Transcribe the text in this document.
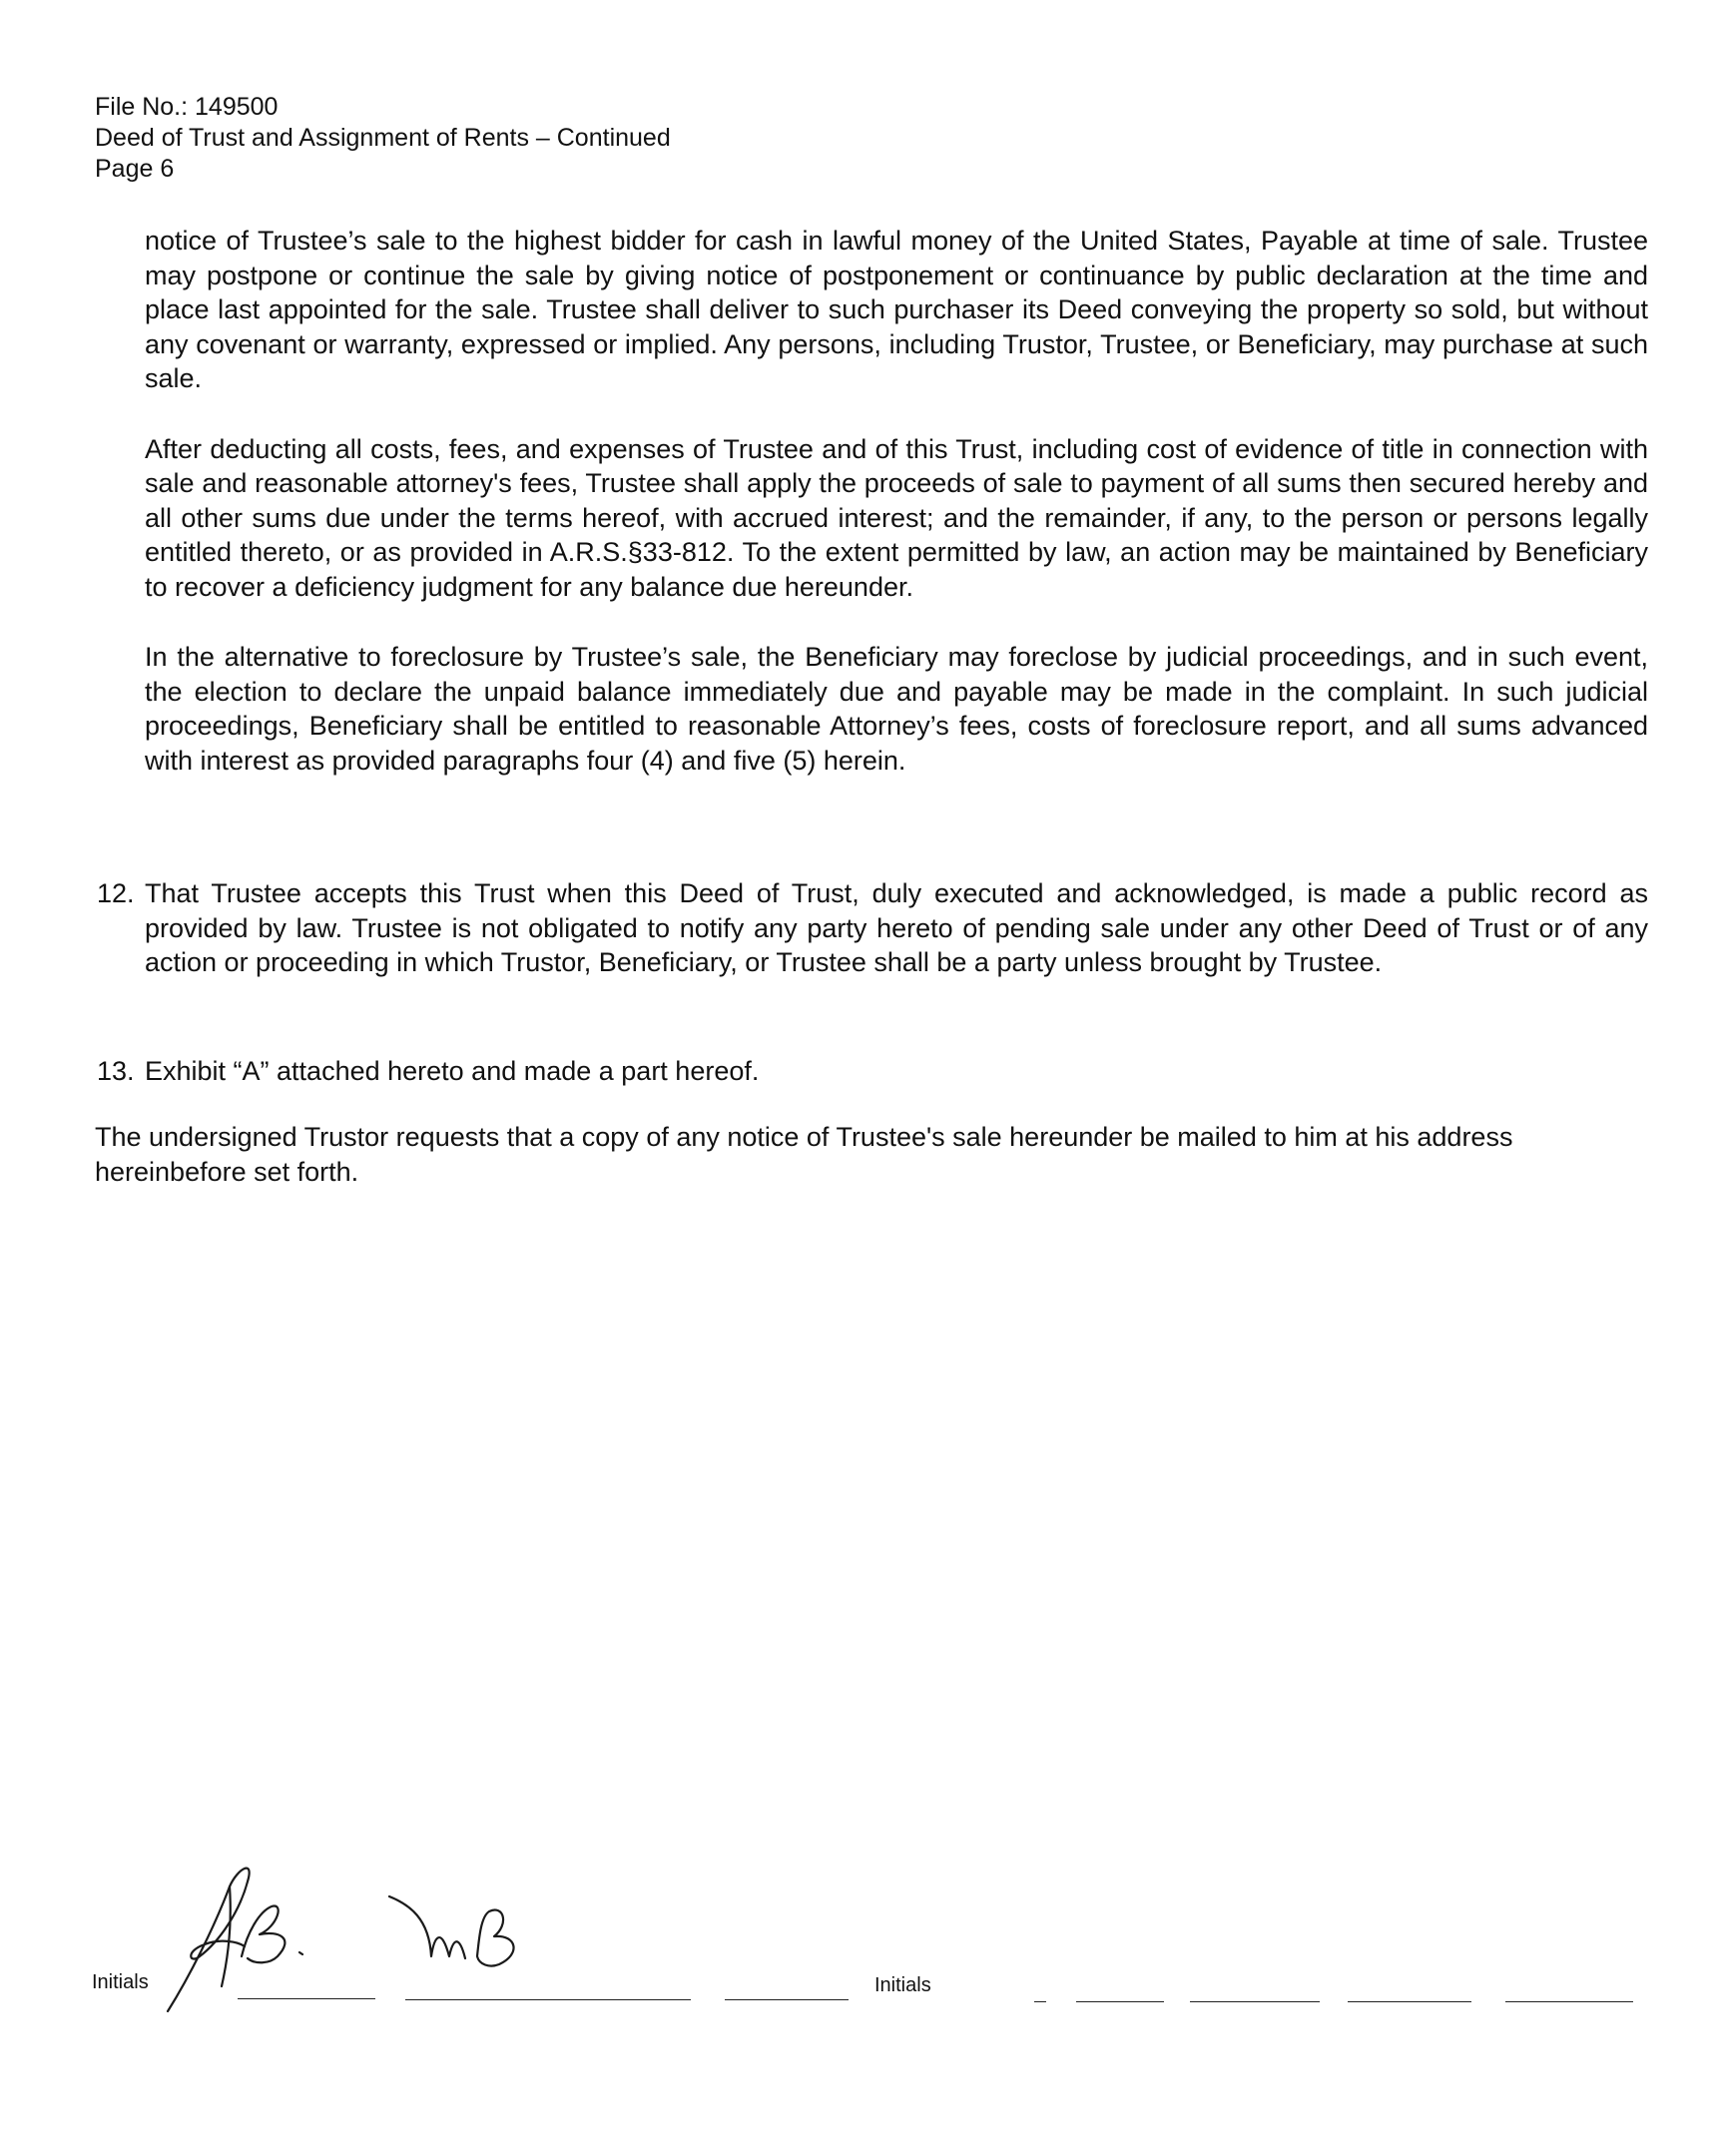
File No.: 149500
Deed of Trust and Assignment of Rents – Continued
Page 6

notice of Trustee’s sale to the highest bidder for cash in lawful money of the United States, Payable at time of sale. Trustee may postpone or continue the sale by giving notice of postponement or continuance by public declaration at the time and place last appointed for the sale. Trustee shall deliver to such purchaser its Deed conveying the property so sold, but without any covenant or warranty, expressed or implied. Any persons, including Trustor, Trustee, or Beneficiary, may purchase at such sale.

After deducting all costs, fees, and expenses of Trustee and of this Trust, including cost of evidence of title in connection with sale and reasonable attorney's fees, Trustee shall apply the proceeds of sale to payment of all sums then secured hereby and all other sums due under the terms hereof, with accrued interest; and the remainder, if any, to the person or persons legally entitled thereto, or as provided in A.R.S.§33-812. To the extent permitted by law, an action may be maintained by Beneficiary to recover a deficiency judgment for any balance due hereunder.

In the alternative to foreclosure by Trustee’s sale, the Beneficiary may foreclose by judicial proceedings, and in such event, the election to declare the unpaid balance immediately due and payable may be made in the complaint. In such judicial proceedings, Beneficiary shall be entitled to reasonable Attorney’s fees, costs of foreclosure report, and all sums advanced with interest as provided paragraphs four (4) and five (5) herein.

12. That Trustee accepts this Trust when this Deed of Trust, duly executed and acknowledged, is made a public record as provided by law. Trustee is not obligated to notify any party hereto of pending sale under any other Deed of Trust or of any action or proceeding in which Trustor, Beneficiary, or Trustee shall be a party unless brought by Trustee.
13. Exhibit “A” attached hereto and made a part hereof.
The undersigned Trustor requests that a copy of any notice of Trustee's sale hereunder be mailed to him at his address hereinbefore set forth.
Initials	Initials
